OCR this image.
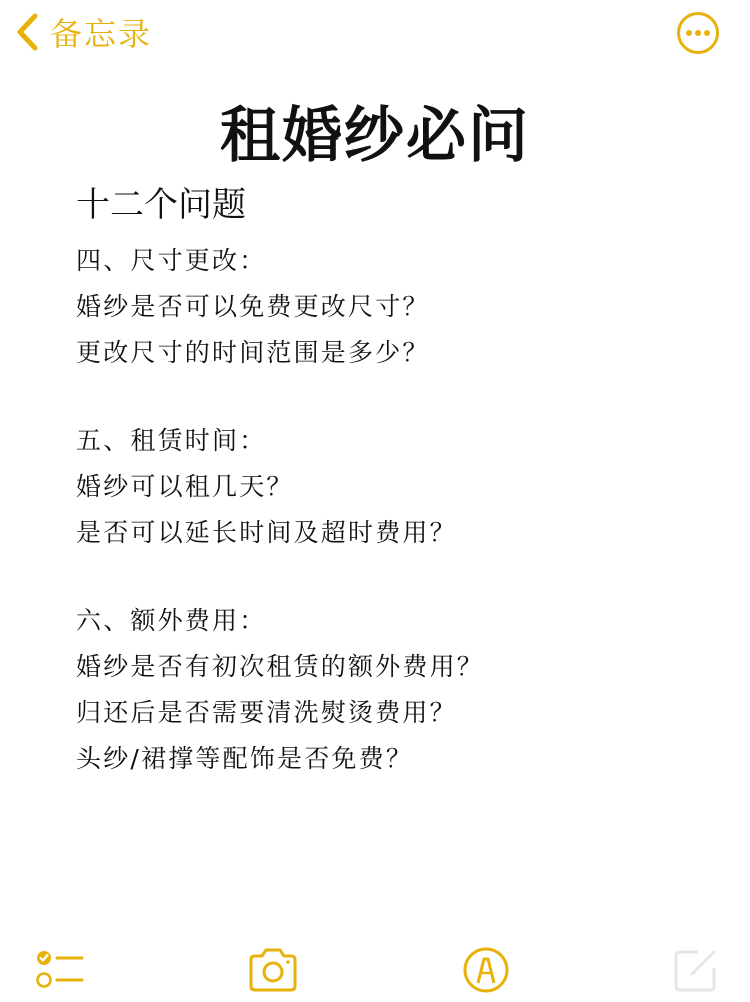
备忘录
租婚纱必问
十二个问题
四、尺寸更改：
婚纱是否可以免费更改尺寸？
更改尺寸的时间范围是多少？
五、租赁时间：
婚纱可以租几天？
是否可以延长时间及超时费用？
六、额外费用：
婚纱是否有初次租赁的额外费用？
归还后是否需要清洗熨烫费用？
头纱/裙撑等配饰是否免费？
